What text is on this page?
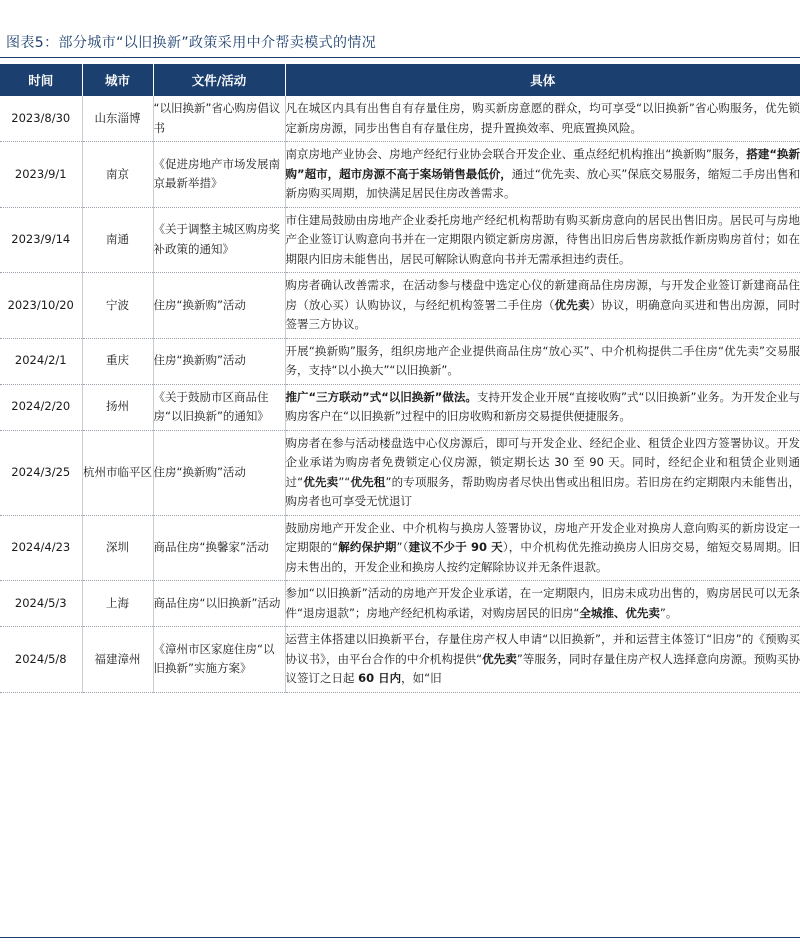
图表5：部分城市“以旧换新”政策采用中介帮卖模式的情况
时间	城市	文件/活动	具体
2023/8/30	山东淄博	“以旧换新”省心购房倡议书	凡在城区内具有出售自有存量住房，购买新房意愿的群众，均可享受“以旧换新”省心购服务，优先锁定新房房源，同步出售自有存量住房，提升置换效率、兜底置换风险。
2023/9/1	南京	《促进房地产市场发展南京最新举措》	南京房地产业协会、房地产经纪行业协会联合开发企业、重点经纪机构推出“换新购”服务，搭建“换新购”超市，超市房源不高于案场销售最低价，通过“优先卖、放心买”保底交易服务，缩短二手房出售和新房购买周期，加快满足居民住房改善需求。
2023/9/14	南通	《关于调整主城区购房奖补政策的通知》	市住建局鼓励由房地产企业委托房地产经纪机构帮助有购买新房意向的居民出售旧房。居民可与房地产企业签订认购意向书并在一定期限内锁定新房房源，待售出旧房后售房款抵作新房购房首付；如在期限内旧房未能售出，居民可解除认购意向书并无需承担违约责任。
2023/10/20	宁波	住房“换新购”活动	购房者确认改善需求，在活动参与楼盘中选定心仪的新建商品住房房源，与开发企业签订新建商品住房（放心买）认购协议，与经纪机构签署二手住房（优先卖）协议，明确意向买进和售出房源，同时签署三方协议。
2024/2/1	重庆	住房“换新购”活动	开展“换新购”服务，组织房地产企业提供商品住房“放心买”、中介机构提供二手住房“优先卖”交易服务，支持“以小换大”“以旧换新”。
2024/2/20	扬州	《关于鼓励市区商品住房“以旧换新”的通知》	推广“三方联动”式“以旧换新”做法。支持开发企业开展“直接收购”式“以旧换新”业务。为开发企业与购房客户在“以旧换新”过程中的旧房收购和新房交易提供便捷服务。
2024/3/25	杭州市临平区	住房“换新购”活动	购房者在参与活动楼盘选中心仪房源后，即可与开发企业、经纪企业、租赁企业四方签署协议。开发企业承诺为购房者免费锁定心仪房源，锁定期长达 30 至 90 天。同时，经纪企业和租赁企业则通过“优先卖”“优先租”的专项服务，帮助购房者尽快出售或出租旧房。若旧房在约定期限内未能售出，购房者也可享受无忧退订
2024/4/23	深圳	商品住房“换馨家”活动	鼓励房地产开发企业、中介机构与换房人签署协议，房地产开发企业对换房人意向购买的新房设定一定期限的“解约保护期”（建议不少于 90 天），中介机构优先推动换房人旧房交易，缩短交易周期。旧房未售出的，开发企业和换房人按约定解除协议并无条件退款。
2024/5/3	上海	商品住房“以旧换新”活动	参加“以旧换新”活动的房地产开发企业承诺，在一定期限内，旧房未成功出售的，购房居民可以无条件“退房退款”；房地产经纪机构承诺，对购房居民的旧房“全城推、优先卖”。
2024/5/8	福建漳州	《漳州市区家庭住房“以旧换新”实施方案》	运营主体搭建以旧换新平台，存量住房产权人申请“以旧换新”，并和运营主体签订“旧房”的《预购买协议书》，由平台合作的中介机构提供“优先卖”等服务，同时存量住房产权人选择意向房源。预购买协议签订之日起 60 日内，如“旧
